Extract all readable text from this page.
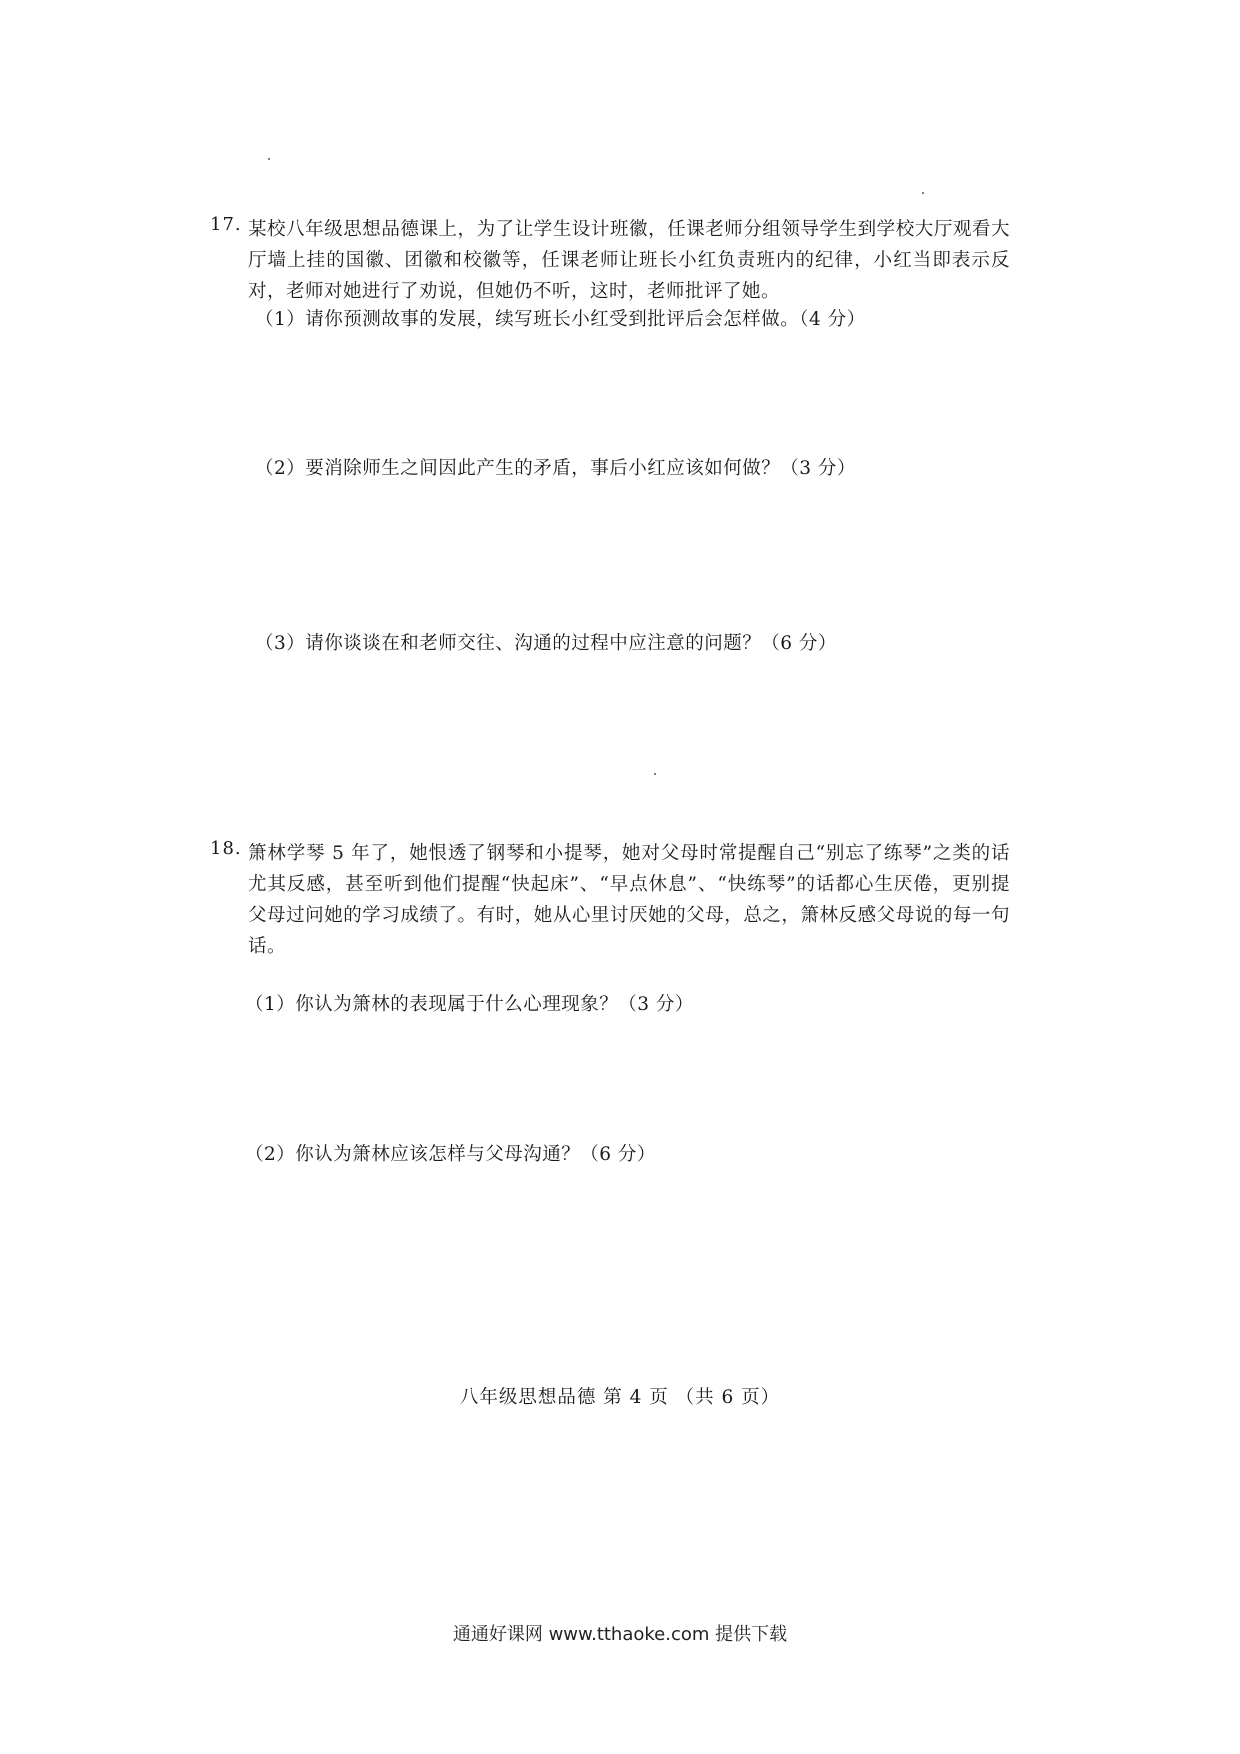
17. 某校八年级思想品德课上，为了让学生设计班徽，任课老师分组领导学生到学校大厅观看大厅墙上挂的国徽、团徽和校徽等，任课老师让班长小红负责班内的纪律，小红当即表示反对，老师对她进行了劝说，但她仍不听，这时，老师批评了她。
（1）请你预测故事的发展，续写班长小红受到批评后会怎样做。（4 分）
（2）要消除师生之间因此产生的矛盾，事后小红应该如何做？（3 分）
（3）请你谈谈在和老师交往、沟通的过程中应注意的问题？（6 分）
18. 箫林学琴 5 年了，她恨透了钢琴和小提琴，她对父母时常提醒自己“别忘了练琴”之类的话尤其反感，甚至听到他们提醒“快起床”、“早点休息”、“快练琴”的话都心生厌倦，更别提父母过问她的学习成绩了。有时，她从心里讨厌她的父母，总之，箫林反感父母说的每一句话。
（1）你认为箫林的表现属于什么心理现象？（3 分）
（2）你认为箫林应该怎样与父母沟通？（6 分）
八年级思想品德 第 4 页 （共 6 页）
通通好课网 www.tthaoke.com 提供下载
